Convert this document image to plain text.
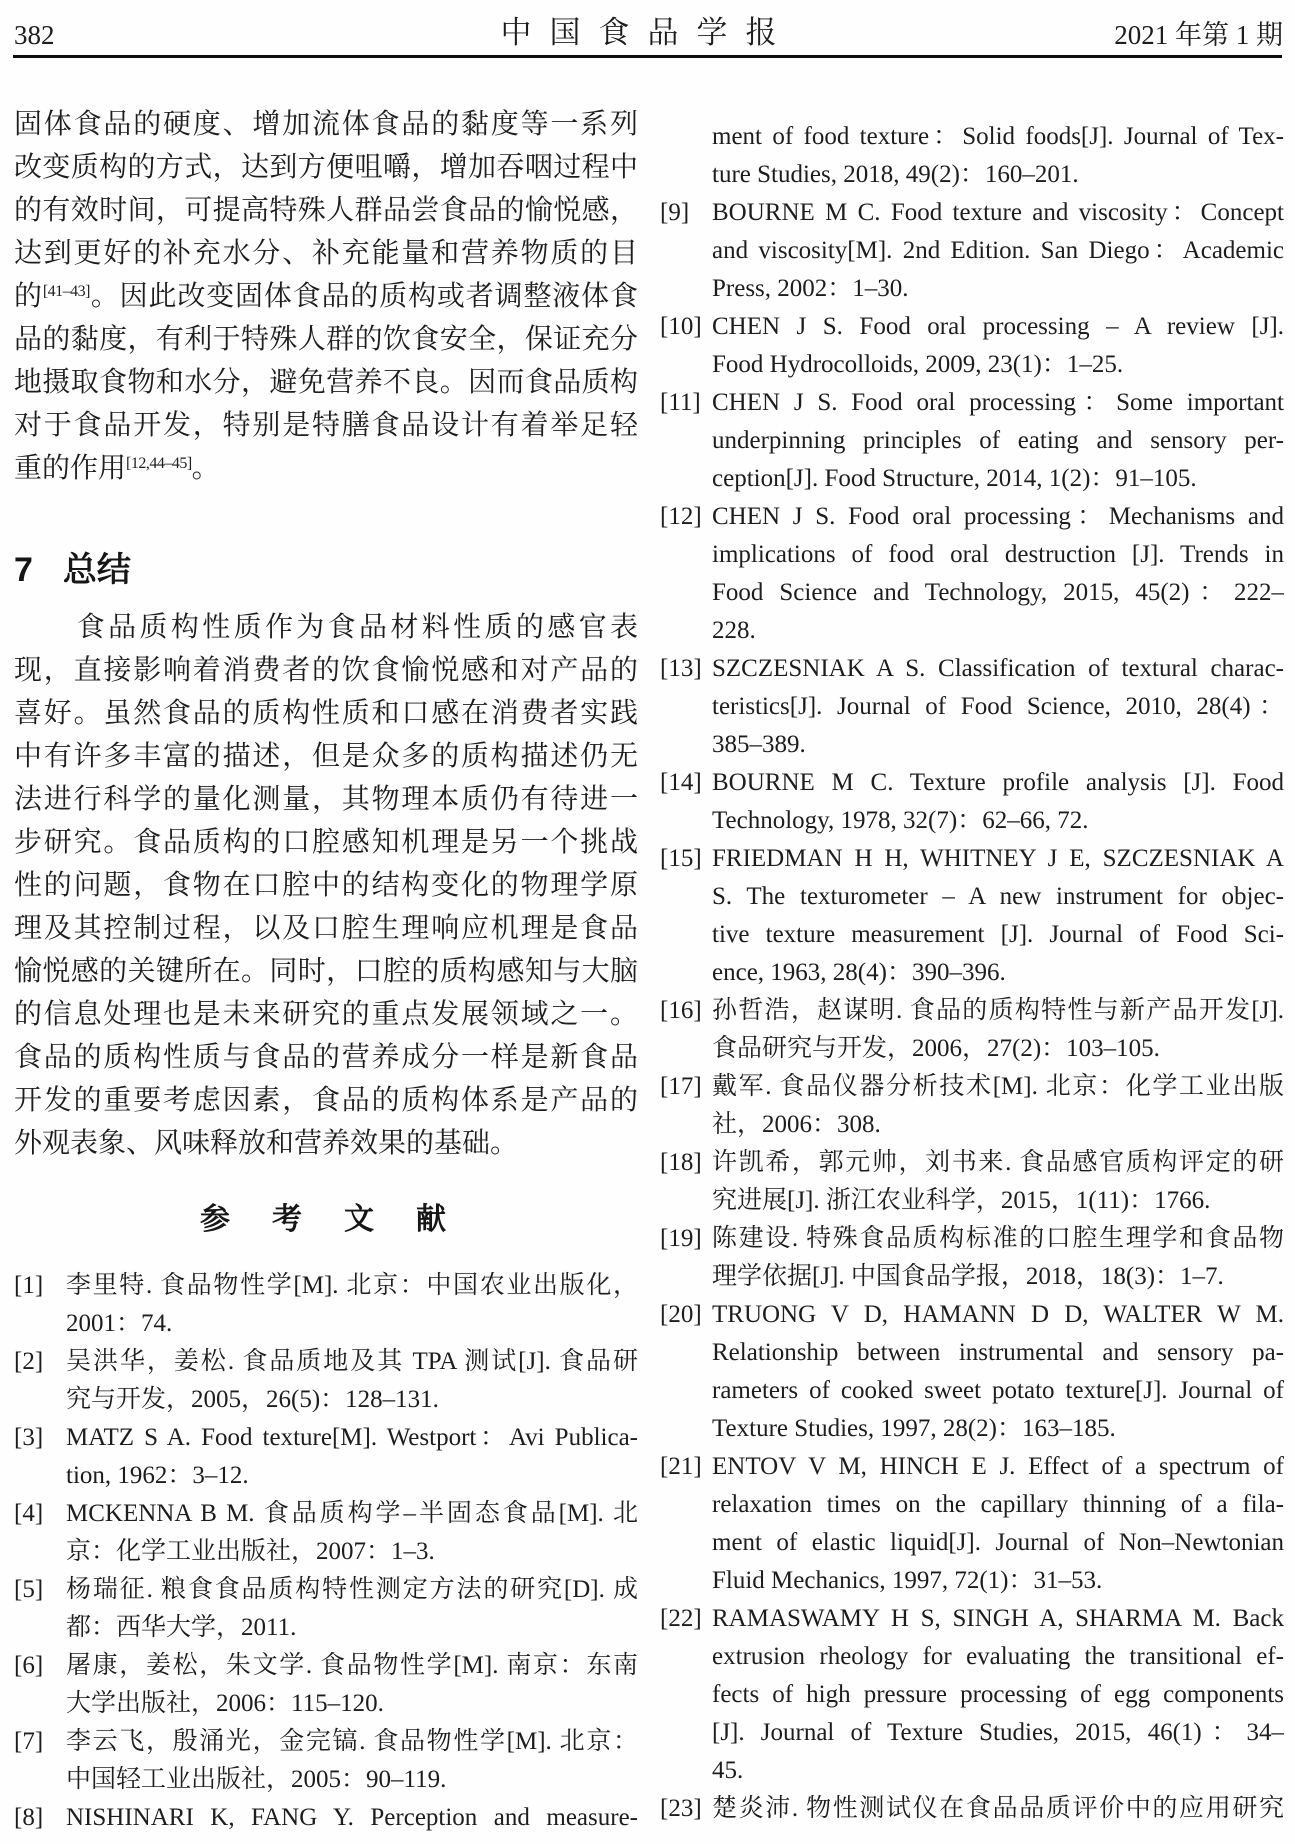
382	中国食品学报	2021 年第 1 期
固体食品的硬度、增加流体食品的黏度等一系列
改变质构的方式，达到方便咀嚼，增加吞咽过程中
的有效时间，可提高特殊人群品尝食品的愉悦感，
达到更好的补充水分、补充能量和营养物质的目
的[41–43]。因此改变固体食品的质构或者调整液体食
品的黏度，有利于特殊人群的饮食安全，保证充分
地摄取食物和水分，避免营养不良。因而食品质构
对于食品开发，特别是特膳食品设计有着举足轻
重的作用[12,44–45]。
7 总结
　　食品质构性质作为食品材料性质的感官表
现，直接影响着消费者的饮食愉悦感和对产品的
喜好。虽然食品的质构性质和口感在消费者实践
中有许多丰富的描述，但是众多的质构描述仍无
法进行科学的量化测量，其物理本质仍有待进一
步研究。食品质构的口腔感知机理是另一个挑战
性的问题，食物在口腔中的结构变化的物理学原
理及其控制过程，以及口腔生理响应机理是食品
愉悦感的关键所在。同时，口腔的质构感知与大脑
的信息处理也是未来研究的重点发展领域之一。
食品的质构性质与食品的营养成分一样是新食品
开发的重要考虑因素，食品的质构体系是产品的
外观表象、风味释放和营养效果的基础。
参　考　文　献
[1] 李里特. 食品物性学[M]. 北京：中国农业出版化，
2001：74.
[2] 吴洪华，姜松. 食品质地及其 TPA 测试[J]. 食品研
究与开发，2005，26(5)：128–131.
[3] MATZ S A. Food texture[M]. Westport：Avi Publica-
tion, 1962：3–12.
[4] MCKENNA B M. 食品质构学–半固态食品[M]. 北
京：化学工业出版社，2007：1–3.
[5] 杨瑞征. 粮食食品质构特性测定方法的研究[D]. 成
都：西华大学，2011.
[6] 屠康，姜松，朱文学. 食品物性学[M]. 南京：东南
大学出版社，2006：115–120.
[7] 李云飞，殷涌光，金完镐. 食品物性学[M]. 北京：
中国轻工业出版社，2005：90–119.
[8] NISHINARI K, FANG Y. Perception and measure-
ment of food texture：Solid foods[J]. Journal of Tex-
ture Studies, 2018, 49(2)：160–201.
[9] BOURNE M C. Food texture and viscosity：Concept
and viscosity[M]. 2nd Edition. San Diego：Academic
Press, 2002：1–30.
[10] CHEN J S. Food oral processing – A review [J].
Food Hydrocolloids, 2009, 23(1)：1–25.
[11] CHEN J S. Food oral processing：Some important
underpinning principles of eating and sensory per-
ception[J]. Food Structure, 2014, 1(2)：91–105.
[12] CHEN J S. Food oral processing：Mechanisms and
implications of food oral destruction [J]. Trends in
Food Science and Technology, 2015, 45(2)：222–
228.
[13] SZCZESNIAK A S. Classification of textural charac-
teristics[J]. Journal of Food Science, 2010, 28(4)：
385–389.
[14] BOURNE M C. Texture profile analysis [J]. Food
Technology, 1978, 32(7)：62–66, 72.
[15] FRIEDMAN H H, WHITNEY J E, SZCZESNIAK A
S. The texturometer – A new instrument for objec-
tive texture measurement [J]. Journal of Food Sci-
ence, 1963, 28(4)：390–396.
[16] 孙哲浩，赵谋明. 食品的质构特性与新产品开发[J].
食品研究与开发，2006，27(2)：103–105.
[17] 戴军. 食品仪器分析技术[M]. 北京：化学工业出版
社，2006：308.
[18] 许凯希，郭元帅，刘书来. 食品感官质构评定的研
究进展[J]. 浙江农业科学，2015，1(11)：1766.
[19] 陈建设. 特殊食品质构标准的口腔生理学和食品物
理学依据[J]. 中国食品学报，2018，18(3)：1–7.
[20] TRUONG V D, HAMANN D D, WALTER W M.
Relationship between instrumental and sensory pa-
rameters of cooked sweet potato texture[J]. Journal of
Texture Studies, 1997, 28(2)：163–185.
[21] ENTOV V M, HINCH E J. Effect of a spectrum of
relaxation times on the capillary thinning of a fila-
ment of elastic liquid[J]. Journal of Non–Newtonian
Fluid Mechanics, 1997, 72(1)：31–53.
[22] RAMASWAMY H S, SINGH A, SHARMA M. Back
extrusion rheology for evaluating the transitional ef-
fects of high pressure processing of egg components
[J]. Journal of Texture Studies, 2015, 46(1)：34–
45.
[23] 楚炎沛. 物性测试仪在食品品质评价中的应用研究
